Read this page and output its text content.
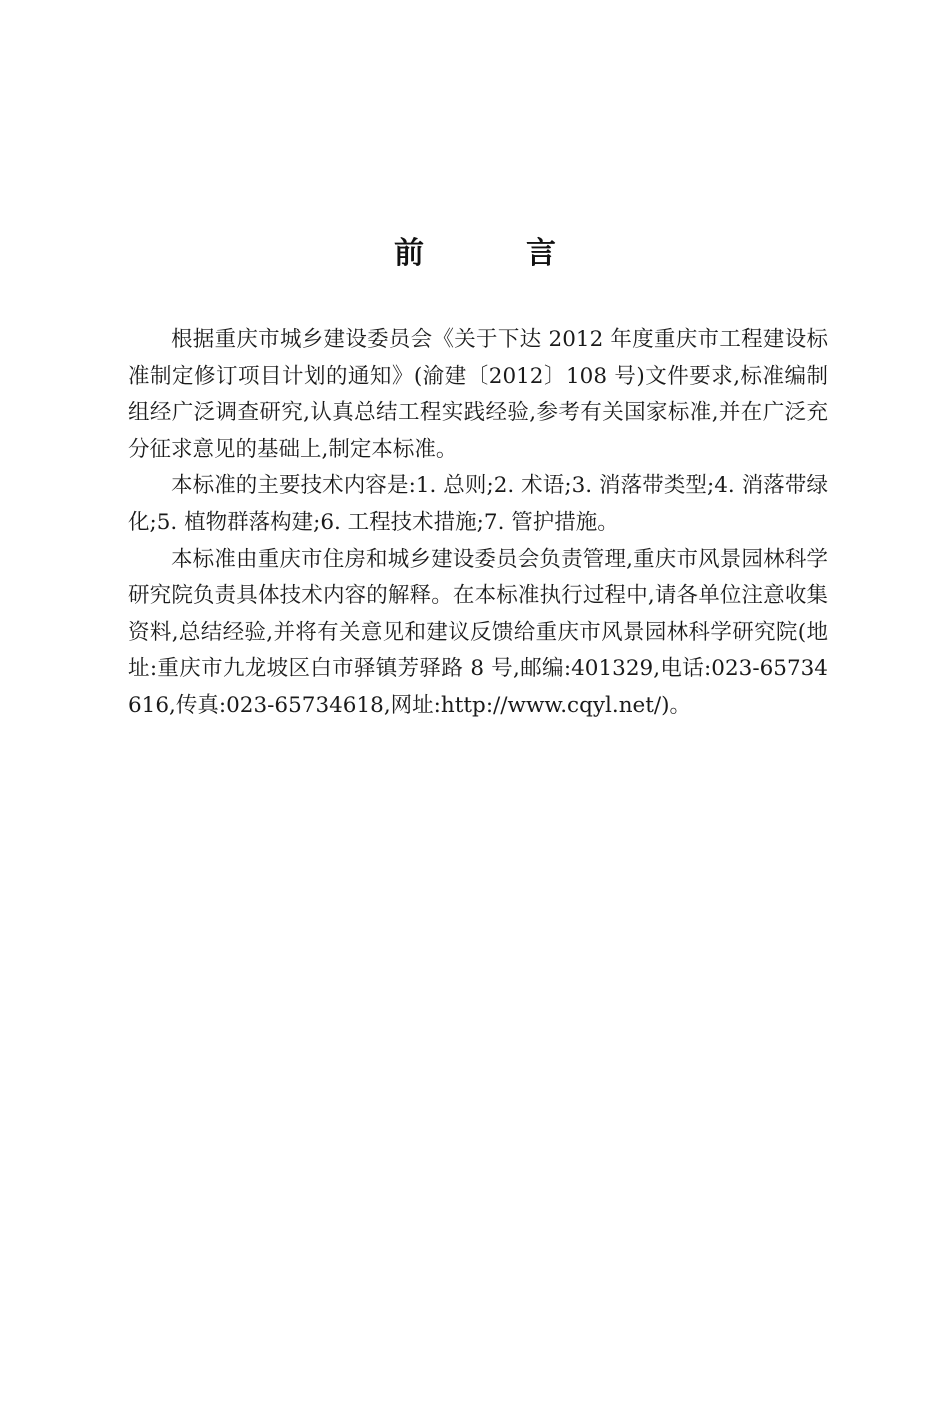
前　言

根据重庆市城乡建设委员会《关于下达 2012 年度重庆市工程建设标准制定修订项目计划的通知》(渝建〔2012〕108 号)文件要求,标准编制组经广泛调查研究,认真总结工程实践经验,参考有关国家标准,并在广泛充分征求意见的基础上,制定本标准。

本标准的主要技术内容是:1. 总则;2. 术语;3. 消落带类型;4. 消落带绿化;5. 植物群落构建;6. 工程技术措施;7. 管护措施。

本标准由重庆市住房和城乡建设委员会负责管理,重庆市风景园林科学研究院负责具体技术内容的解释。在本标准执行过程中,请各单位注意收集资料,总结经验,并将有关意见和建议反馈给重庆市风景园林科学研究院(地址:重庆市九龙坡区白市驿镇芳驿路 8 号,邮编:401329,电话:023-65734616,传真:023-65734618,网址:http://www.cqyl.net/)。
